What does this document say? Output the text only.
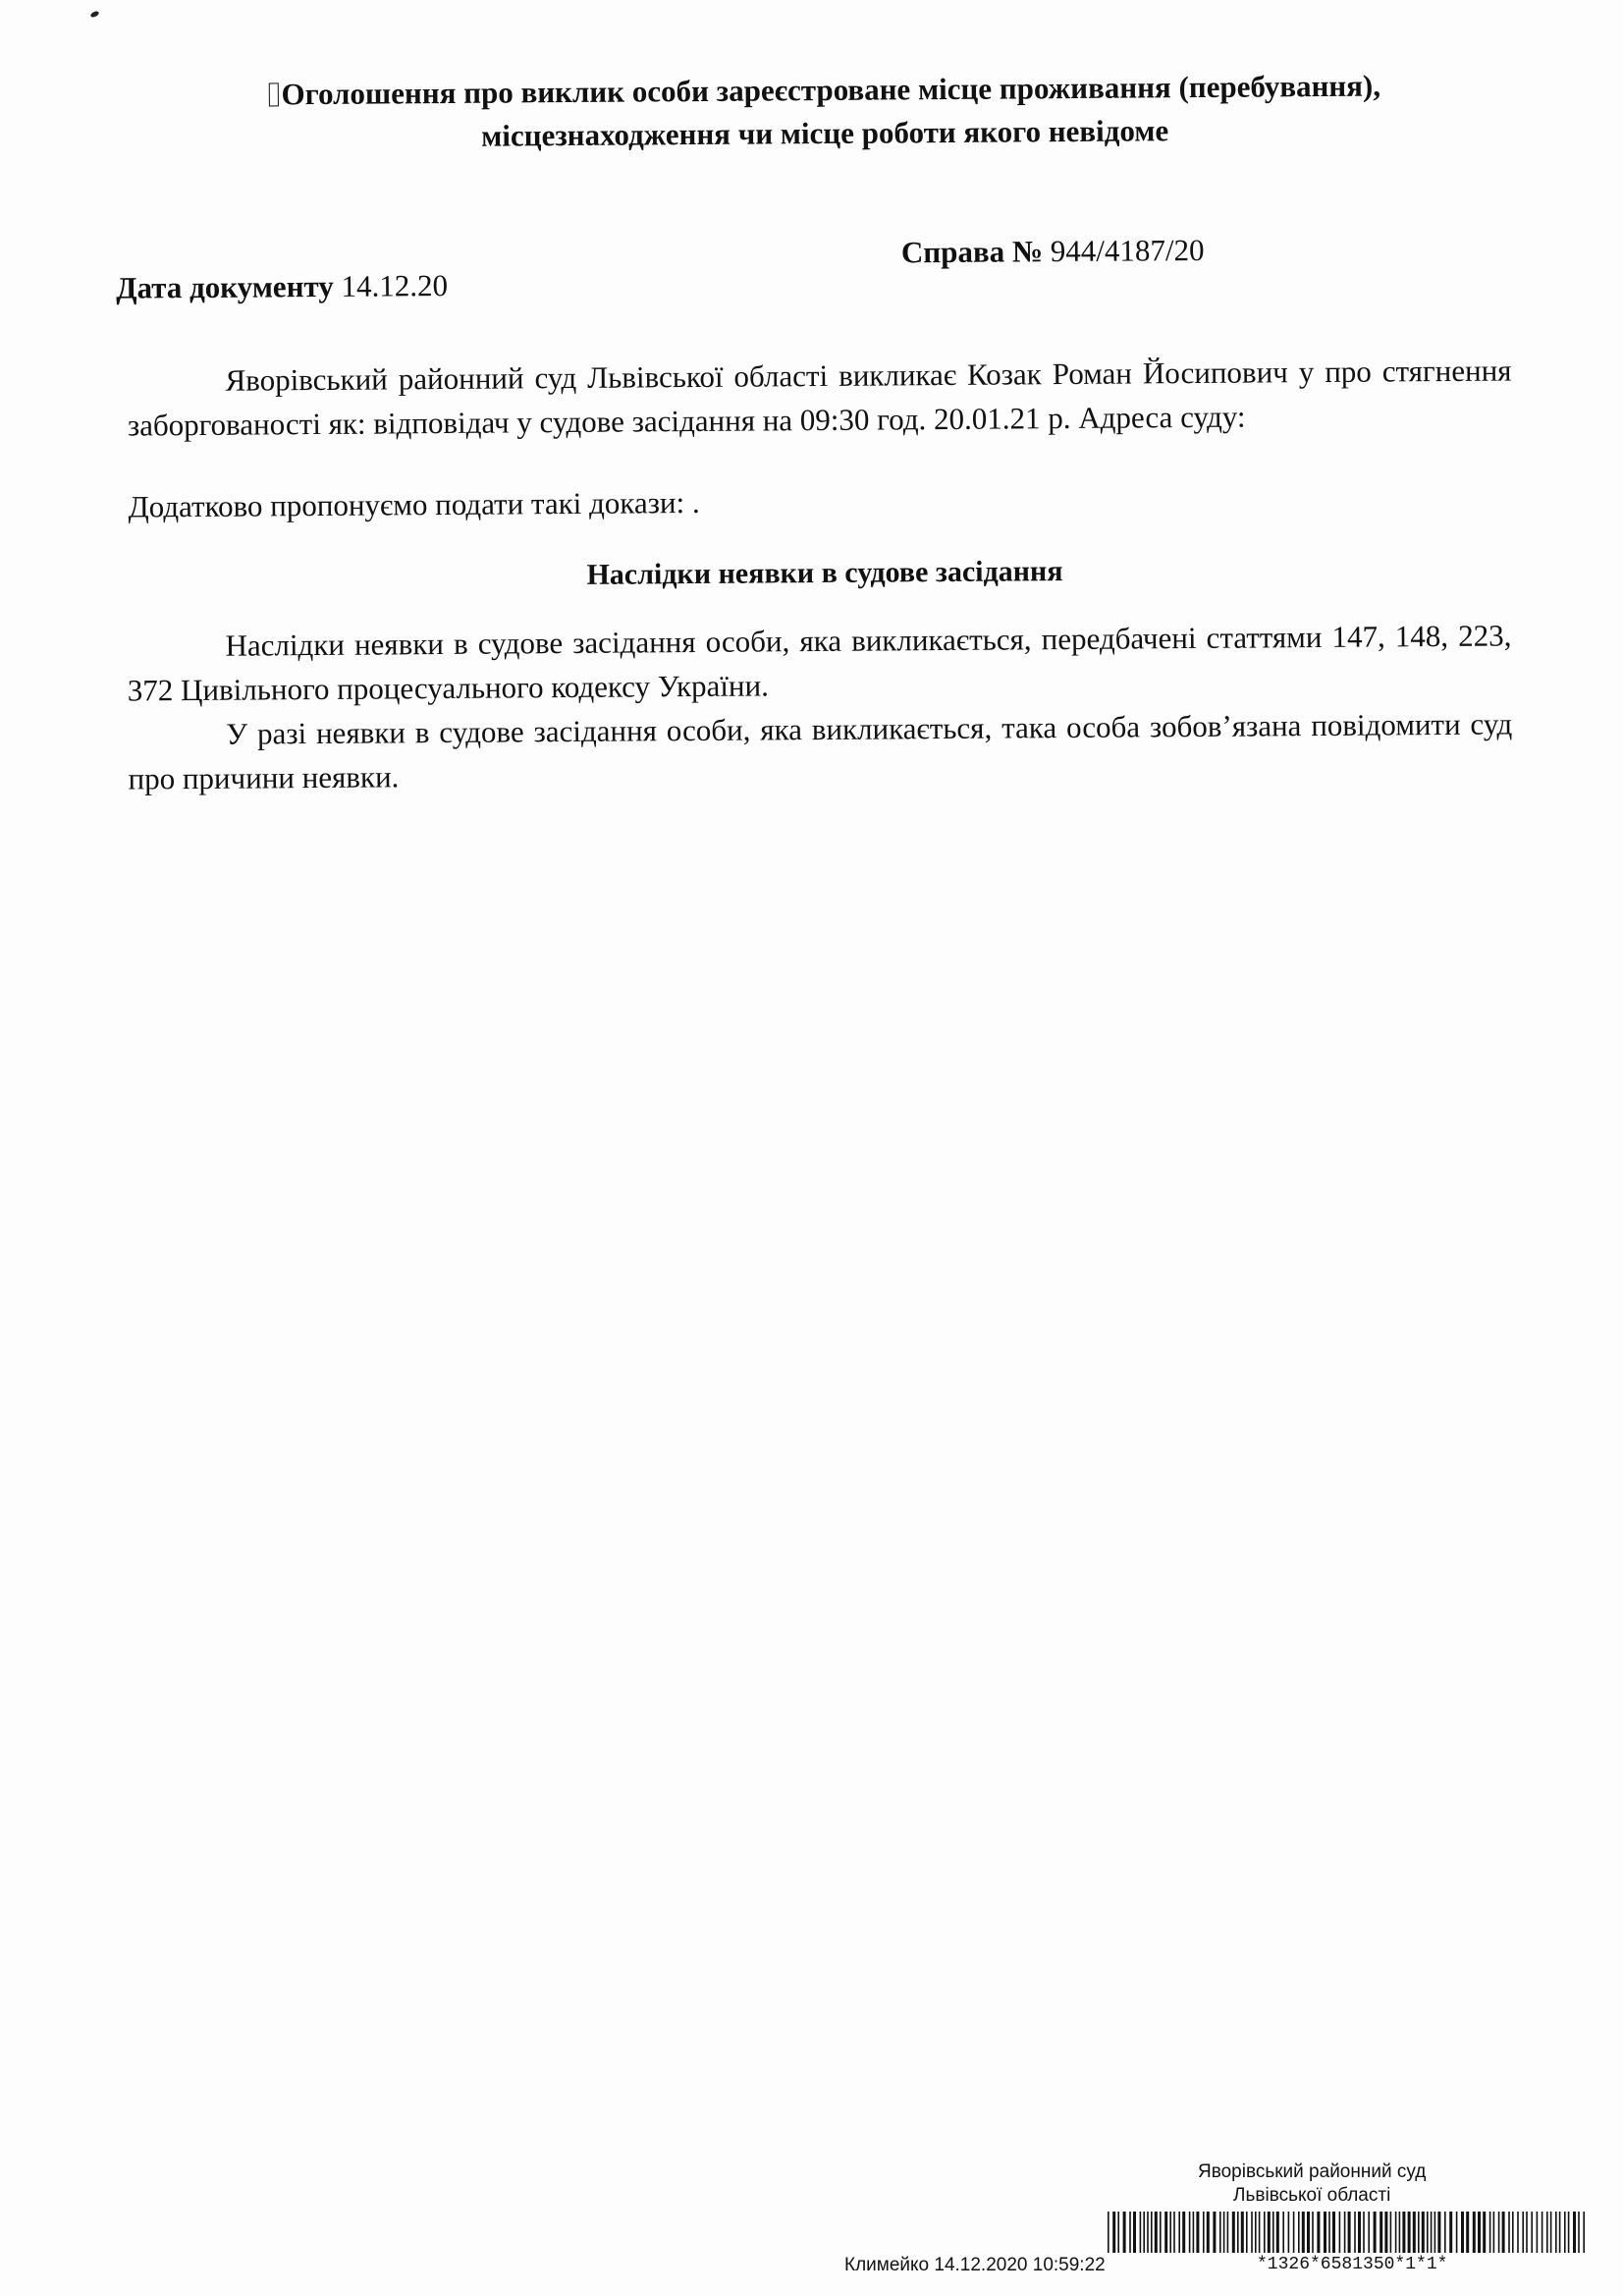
Оголошення про виклик особи зареєстроване місце проживання (перебування),
місцезнаходження чи місце роботи якого невідоме
Дата документу 14.12.20
Справа № 944/4187/20
Яворівський районний суд Львівської області викликає Козак Роман Йосипович у про стягнення заборгованості як: відповідач у судове засідання на 09:30 год. 20.01.21 р. Адреса суду:
Додатково пропонуємо подати такі докази: .
Наслідки неявки в судове засідання
Наслідки неявки в судове засідання особи, яка викликається, передбачені статтями 147, 148, 223, 372 Цивільного процесуального кодексу України.
У разі неявки в судове засідання особи, яка викликається, така особа зобов’язана повідомити суд про причини неявки.
Яворівський районний суд
Львівської області
Климейко 14.12.2020 10:59:22	*1326*6581350*1*1*
